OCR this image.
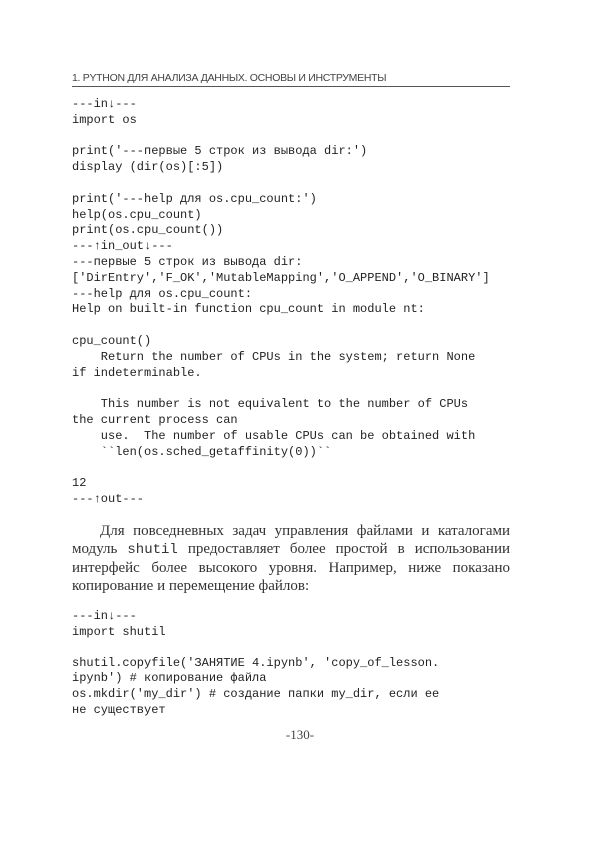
1. PYTHON ДЛЯ АНАЛИЗА ДАННЫХ. ОСНОВЫ И ИНСТРУМЕНТЫ
---in↓---
import os

print('---первые 5 строк из вывода dir:')
display (dir(os)[:5])

print('---help для os.cpu_count:')
help(os.cpu_count)
print(os.cpu_count())
---↑in_out↓---
---первые 5 строк из вывода dir:
['DirEntry','F_OK','MutableMapping','O_APPEND','O_BINARY']
---help для os.cpu_count:
Help on built-in function cpu_count in module nt:

cpu_count()
Return the number of CPUs in the system; return None
if indeterminable.

This number is not equivalent to the number of CPUs
the current process can
use.  The number of usable CPUs can be obtained with
``len(os.sched_getaffinity(0))``

12
---↑out---

Для повседневных задач управления файлами и каталогами модуль shutil предоставляет более простой в использовании интерфейс более высокого уровня. Например, ниже показано копирование и перемещение файлов:

---in↓---
import shutil

shutil.copyfile('ЗАНЯТИЕ 4.ipynb', 'copy_of_lesson.
ipynb') # копирование файла
os.mkdir('my_dir') # создание папки my_dir, если ее
не существует
-130-
